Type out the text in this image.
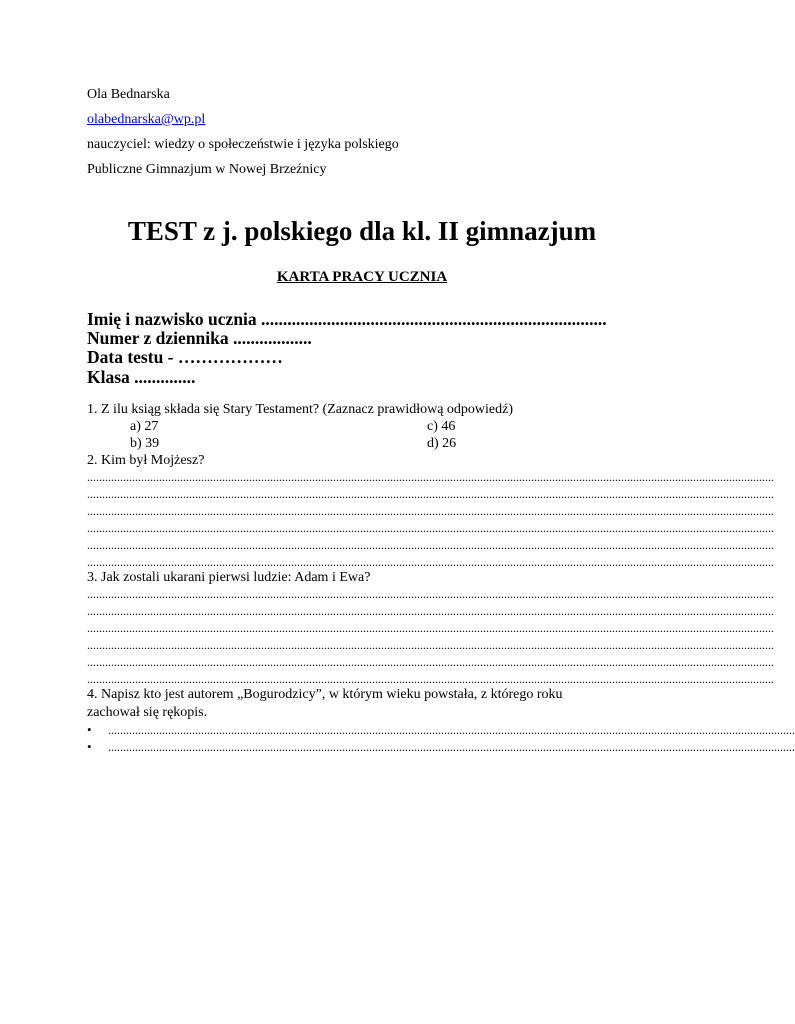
Ola Bednarska
olabednarska@wp.pl
nauczyciel: wiedzy o społeczeństwie i języka polskiego
Publiczne Gimnazjum w Nowej Brzeźnicy
TEST z j. polskiego dla kl. II gimnazjum
KARTA PRACY UCZNIA
Imię i nazwisko ucznia ...............................................................................
Numer z dziennika ..................
Data testu - ………………
Klasa ..............
1. Z ilu ksiąg składa się Stary Testament? (Zaznacz prawidłową odpowiedź)
a) 27	c) 46
b) 39	d) 26
2. Kim był Mojżesz?
.....................................................................................................................................................................................................................................
.....................................................................................................................................................................................................................................
.....................................................................................................................................................................................................................................
.....................................................................................................................................................................................................................................
.....................................................................................................................................................................................................................................
.....................................................................................................................................................................................................................................
3. Jak zostali ukarani pierwsi ludzie: Adam i Ewa?
.....................................................................................................................................................................................................................................
.....................................................................................................................................................................................................................................
.....................................................................................................................................................................................................................................
.....................................................................................................................................................................................................................................
.....................................................................................................................................................................................................................................
.....................................................................................................................................................................................................................................
4. Napisz kto jest autorem „Bogurodzicy”, w którym wieku powstała, z którego roku
zachował się rękopis.
• .....................................................................................................................................................................................................................................
• .....................................................................................................................................................................................................................................
